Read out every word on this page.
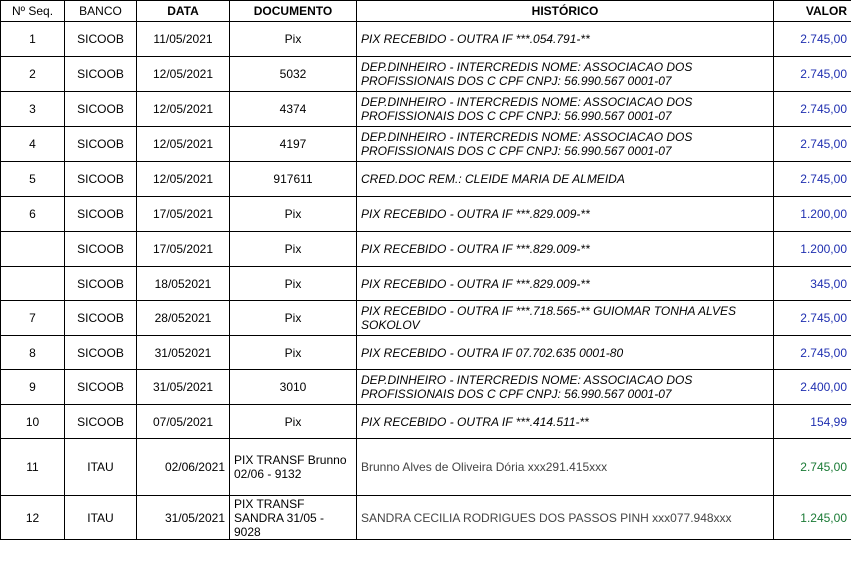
Nº Seq.	BANCO	DATA	DOCUMENTO	HISTÓRICO	VALOR
1	SICOOB	11/05/2021	Pix	PIX RECEBIDO - OUTRA IF ***.054.791-**	2.745,00
2	SICOOB	12/05/2021	5032	DEP.DINHEIRO - INTERCREDIS NOME: ASSOCIACAO DOS PROFISSIONAIS DOS C CPF CNPJ: 56.990.567 0001-07	2.745,00
3	SICOOB	12/05/2021	4374	DEP.DINHEIRO - INTERCREDIS NOME: ASSOCIACAO DOS PROFISSIONAIS DOS C CPF CNPJ: 56.990.567 0001-07	2.745,00
4	SICOOB	12/05/2021	4197	DEP.DINHEIRO - INTERCREDIS NOME: ASSOCIACAO DOS PROFISSIONAIS DOS C CPF CNPJ: 56.990.567 0001-07	2.745,00
5	SICOOB	12/05/2021	917611	CRED.DOC REM.: CLEIDE MARIA DE ALMEIDA	2.745,00
6	SICOOB	17/05/2021	Pix	PIX RECEBIDO - OUTRA IF ***.829.009-**	1.200,00
	SICOOB	17/05/2021	Pix	PIX RECEBIDO - OUTRA IF ***.829.009-**	1.200,00
	SICOOB	18/052021	Pix	PIX RECEBIDO - OUTRA IF ***.829.009-**	345,00
7	SICOOB	28/052021	Pix	PIX RECEBIDO - OUTRA IF ***.718.565-** GUIOMAR TONHA ALVES SOKOLOV	2.745,00
8	SICOOB	31/052021	Pix	PIX RECEBIDO - OUTRA IF 07.702.635 0001-80	2.745,00
9	SICOOB	31/05/2021	3010	DEP.DINHEIRO - INTERCREDIS NOME: ASSOCIACAO DOS PROFISSIONAIS DOS C CPF CNPJ: 56.990.567 0001-07	2.400,00
10	SICOOB	07/05/2021	Pix	PIX RECEBIDO - OUTRA IF ***.414.511-**	154,99
11	ITAU	02/06/2021	PIX TRANSF Brunno 02/06 - 9132	Brunno Alves de Oliveira Dória xxx291.415xxx	2.745,00
12	ITAU	31/05/2021	PIX TRANSF SANDRA 31/05 - 9028	SANDRA CECILIA RODRIGUES DOS PASSOS PINH xxx077.948xxx	1.245,00
